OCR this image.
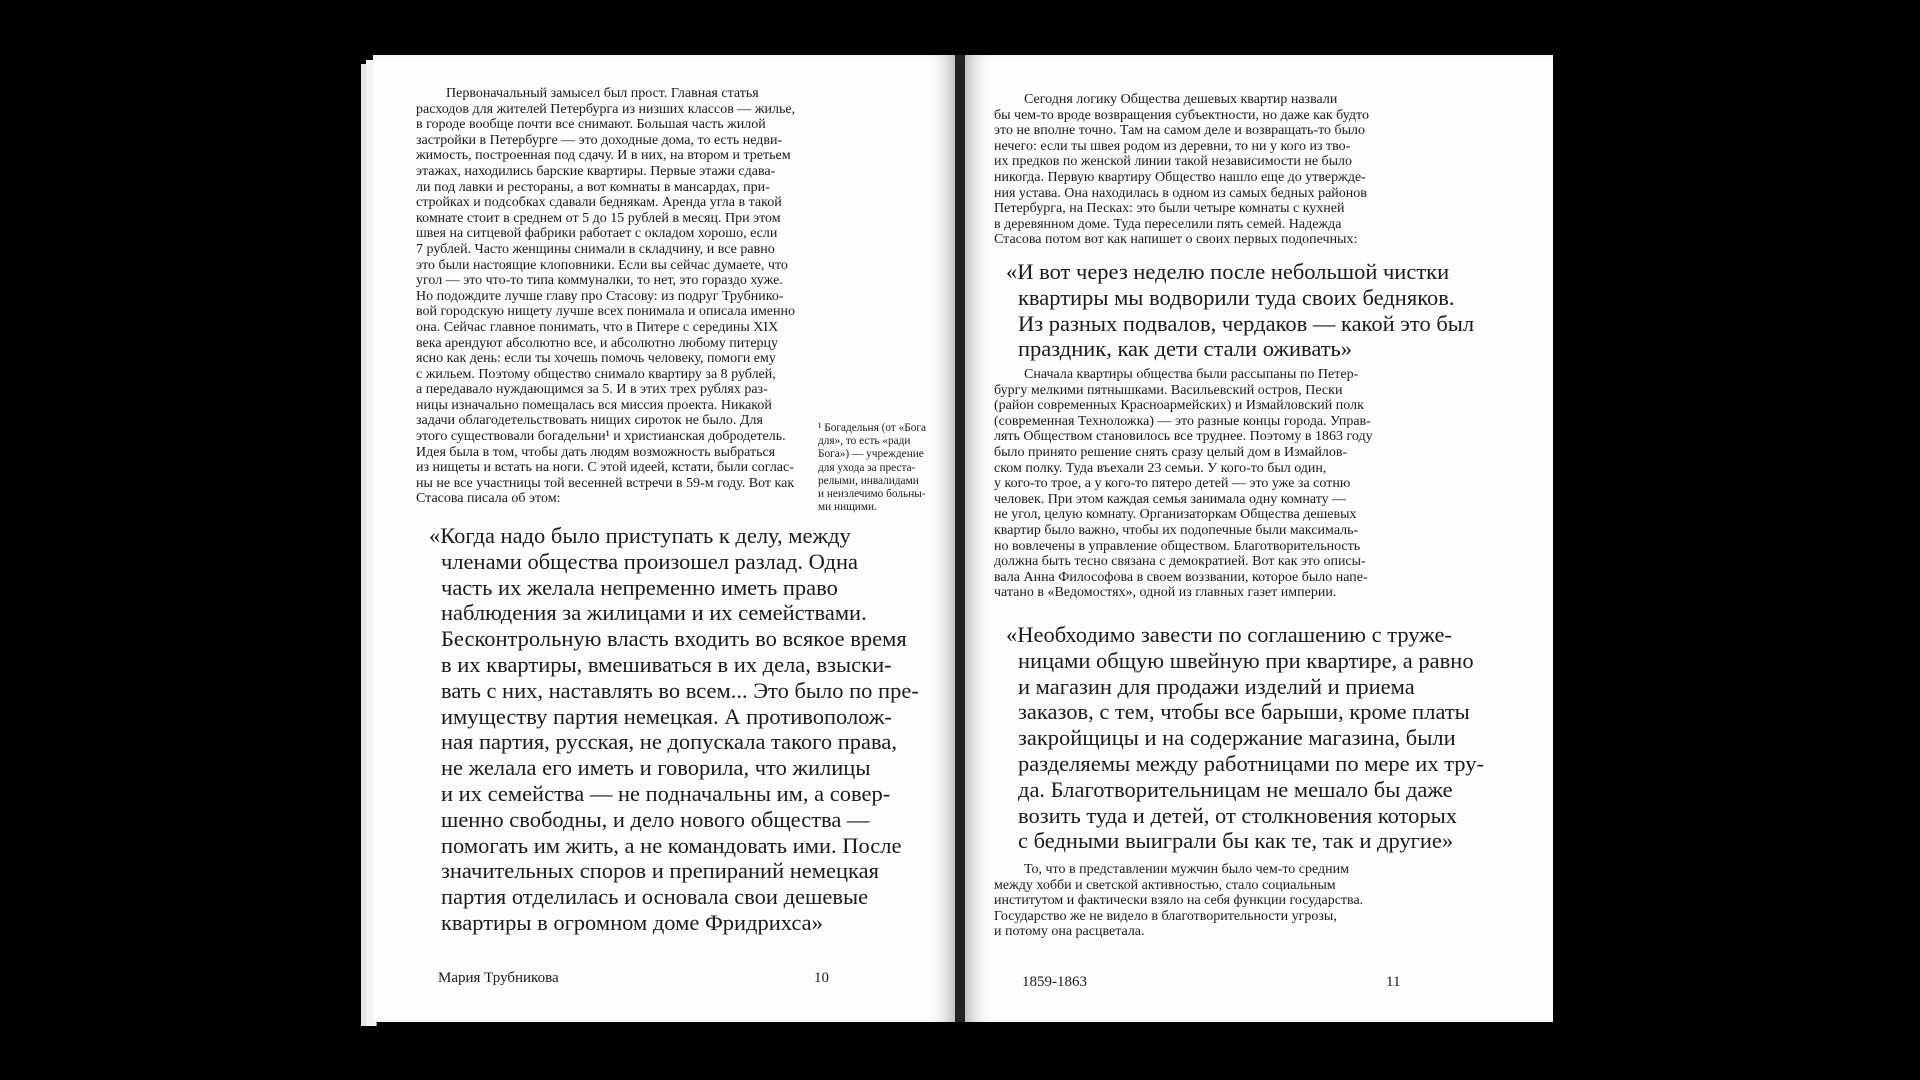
Первоначальный замысел был прост. Главная статья
расходов для жителей Петербурга из низших классов — жилье,
в городе вообще почти все снимают. Большая часть жилой
застройки в Петербурге — это доходные дома, то есть недви-
жимость, построенная под сдачу. И в них, на втором и третьем
этажах, находились барские квартиры. Первые этажи сдава-
ли под лавки и рестораны, а вот комнаты в мансардах, при-
стройках и подсобках сдавали беднякам. Аренда угла в такой
комнате стоит в среднем от 5 до 15 рублей в месяц. При этом
швея на ситцевой фабрики работает с окладом хорошо, если
7 рублей. Часто женщины снимали в складчину, и все равно
это были настоящие клоповники. Если вы сейчас думаете, что
угол — это что-то типа коммуналки, то нет, это гораздо хуже.
Но подождите лучше главу про Стасову: из подруг Трубнико-
вой городскую нищету лучше всех понимала и описала именно
она. Сейчас главное понимать, что в Питере с середины XIX
века арендуют абсолютно все, и абсолютно любому питерцу
ясно как день: если ты хочешь помочь человеку, помоги ему
с жильем. Поэтому общество снимало квартиру за 8 рублей,
а передавало нуждающимся за 5. И в этих трех рублях раз-
ницы изначально помещалась вся миссия проекта. Никакой
задачи облагодетельствовать нищих сироток не было. Для
этого существовали богадельни¹ и христианская добродетель.
Идея была в том, чтобы дать людям возможность выбраться
из нищеты и встать на ноги. С этой идеей, кстати, были соглас-
ны не все участницы той весенней встречи в 59-м году. Вот как
Стасова писала об этом:
¹ Богадельня (от «Бога
для», то есть «ради
Бога») — учреждение
для ухода за преста-
релыми, инвалидами
и неизлечимо больны-
ми нищими.
«Когда надо было приступать к делу, между
членами общества произошел разлад. Одна
часть их желала непременно иметь право
наблюдения за жилицами и их семействами.
Бесконтрольную власть входить во всякое время
в их квартиры, вмешиваться в их дела, взыски-
вать с них, наставлять во всем... Это было по пре-
имуществу партия немецкая. А противополож-
ная партия, русская, не допускала такого права,
не желала его иметь и говорила, что жилицы
и их семейства — не подначальны им, а совер-
шенно свободны, и дело нового общества —
помогать им жить, а не командовать ими. После
значительных споров и препираний немецкая
партия отделилась и основала свои дешевые
квартиры в огромном доме Фридрихса»
Мария Трубникова	10
Сегодня логику Общества дешевых квартир назвали
бы чем-то вроде возвращения субъектности, но даже как будто
это не вполне точно. Там на самом деле и возвращать-то было
нечего: если ты швея родом из деревни, то ни у кого из тво-
их предков по женской линии такой независимости не было
никогда. Первую квартиру Общество нашло еще до утвержде-
ния устава. Она находилась в одном из самых бедных районов
Петербурга, на Песках: это были четыре комнаты с кухней
в деревянном доме. Туда переселили пять семей. Надежда
Стасова потом вот как напишет о своих первых подопечных:
«И вот через неделю после небольшой чистки
квартиры мы водворили туда своих бедняков.
Из разных подвалов, чердаков — какой это был
праздник, как дети стали оживать»
Сначала квартиры общества были рассыпаны по Петер-
бургу мелкими пятнышками. Васильевский остров, Пески
(район современных Красноармейских) и Измайловский полк
(современная Техноложка) — это разные концы города. Управ-
лять Обществом становилось все труднее. Поэтому в 1863 году
было принято решение снять сразу целый дом в Измайлов-
ском полку. Туда въехали 23 семьи. У кого-то был один,
у кого-то трое, а у кого-то пятеро детей — это уже за сотню
человек. При этом каждая семья занимала одну комнату —
не угол, целую комнату. Организаторкам Общества дешевых
квартир было важно, чтобы их подопечные были максималь-
но вовлечены в управление обществом. Благотворительность
должна быть тесно связана с демократией. Вот как это описы-
вала Анна Философова в своем воззвании, которое было напе-
чатано в «Ведомостях», одной из главных газет империи.
«Необходимо завести по соглашению с труже-
ницами общую швейную при квартире, а равно
и магазин для продажи изделий и приема
заказов, с тем, чтобы все барыши, кроме платы
закройщицы и на содержание магазина, были
разделяемы между работницами по мере их тру-
да. Благотворительницам не мешало бы даже
возить туда и детей, от столкновения которых
с бедными выиграли бы как те, так и другие»
То, что в представлении мужчин было чем-то средним
между хобби и светской активностью, стало социальным
институтом и фактически взяло на себя функции государства.
Государство же не видело в благотворительности угрозы,
и потому она расцветала.
1859-1863	11
